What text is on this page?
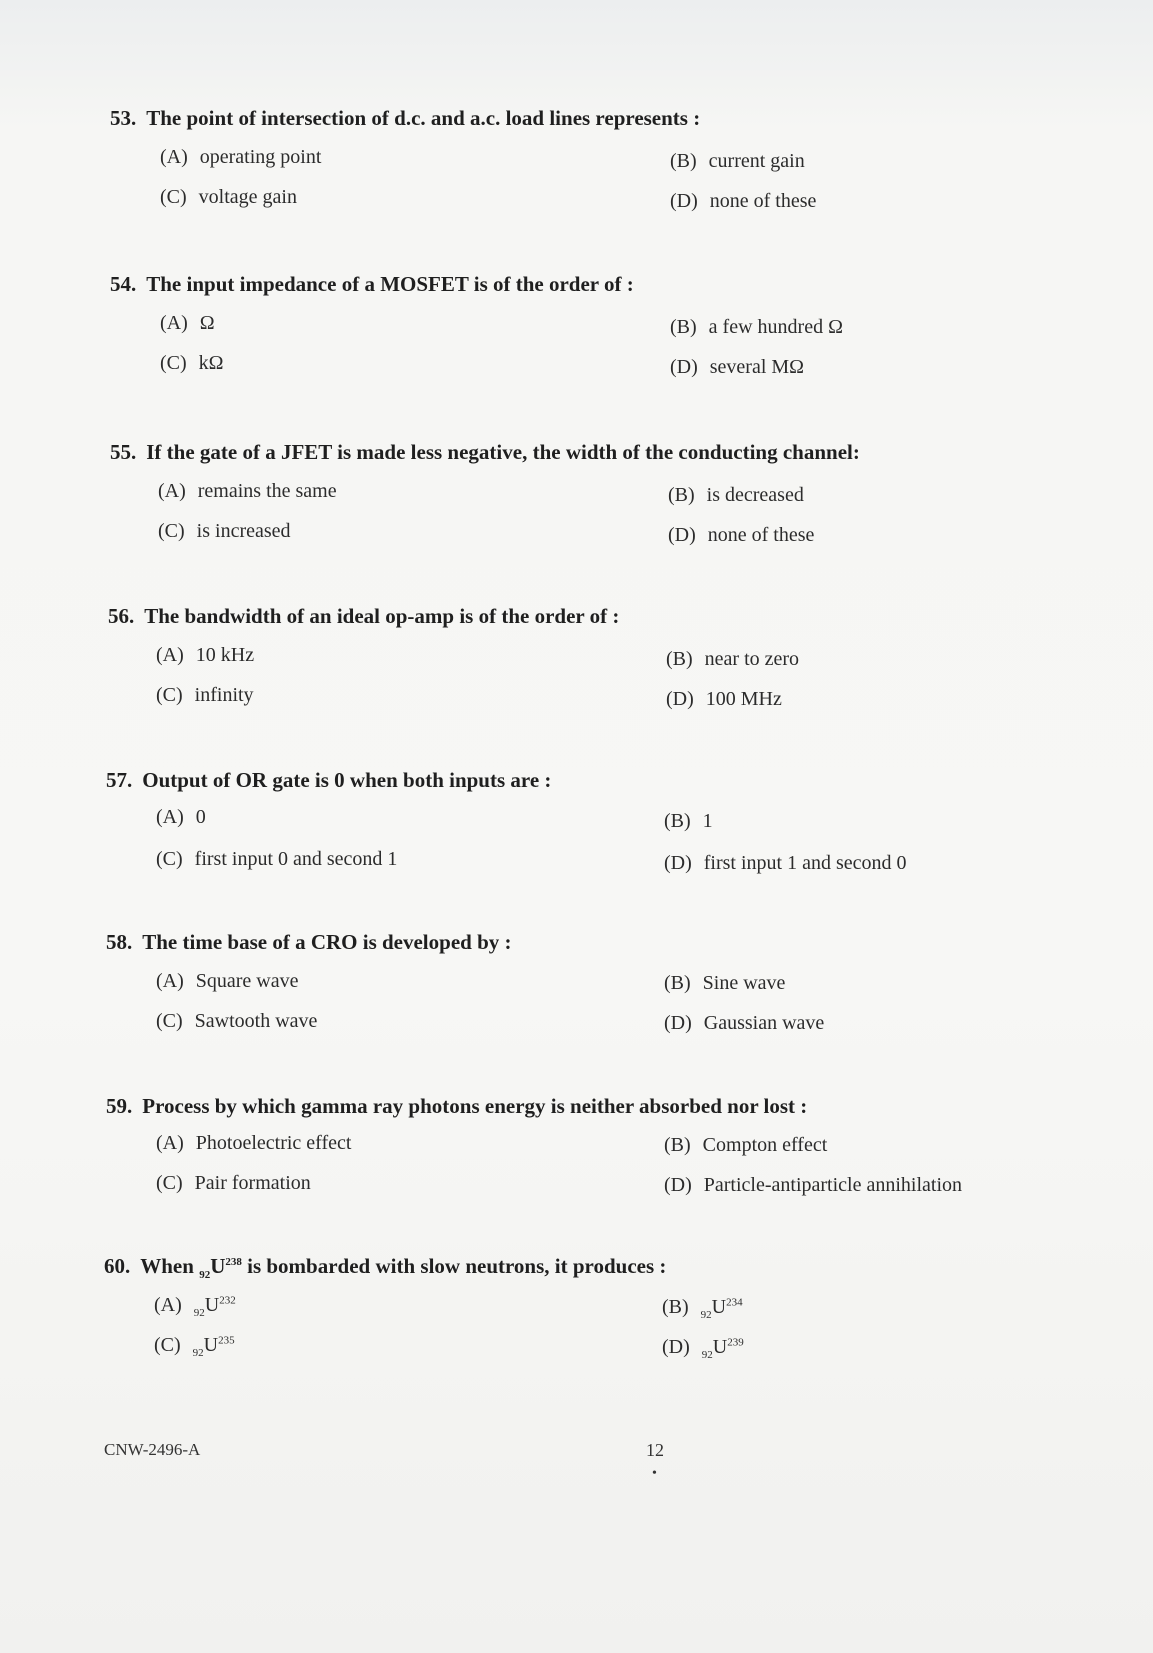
53. The point of intersection of d.c. and a.c. load lines represents :
(A) operating point	(B) current gain
(C) voltage gain	(D) none of these
54. The input impedance of a MOSFET is of the order of :
(A) Ω	(B) a few hundred Ω
(C) kΩ	(D) several MΩ
55. If the gate of a JFET is made less negative, the width of the conducting channel:
(A) remains the same	(B) is decreased
(C) is increased	(D) none of these
56. The bandwidth of an ideal op-amp is of the order of :
(A) 10 kHz	(B) near to zero
(C) infinity	(D) 100 MHz
57. Output of OR gate is 0 when both inputs are :
(A) 0	(B) 1
(C) first input 0 and second 1	(D) first input 1 and second 0
58. The time base of a CRO is developed by :
(A) Square wave	(B) Sine wave
(C) Sawtooth wave	(D) Gaussian wave
59. Process by which gamma ray photons energy is neither absorbed nor lost :
(A) Photoelectric effect	(B) Compton effect
(C) Pair formation	(D) Particle-antiparticle annihilation
60. When $_{92}U^{238}$ is bombarded with slow neutrons, it produces :
(A) $_{92}U^{232}$	(B) $_{92}U^{234}$
(C) $_{92}U^{235}$	(D) $_{92}U^{239}$
CNW-2496-A	12
•
